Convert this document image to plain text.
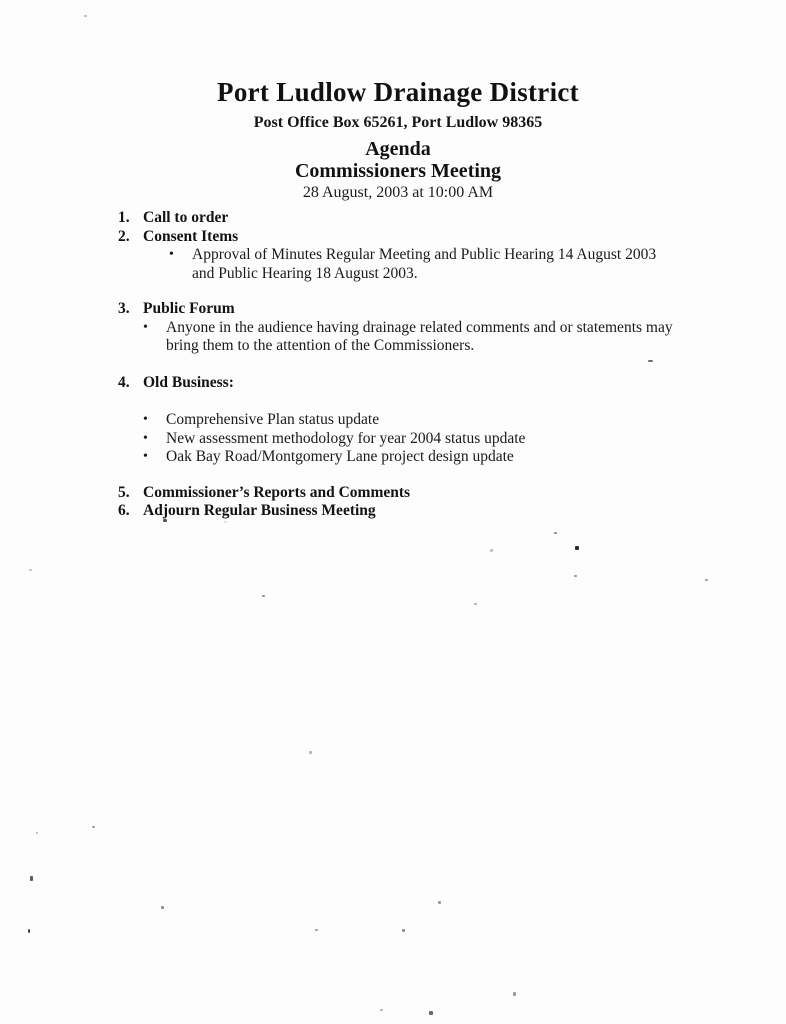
Port Ludlow Drainage District
Post Office Box 65261, Port Ludlow 98365
Agenda
Commissioners Meeting
28 August, 2003 at 10:00 AM
1. Call to order
2. Consent Items
•	Approval of Minutes Regular Meeting and Public Hearing 14 August 2003
and Public Hearing 18 August 2003.
3. Public Forum
•	Anyone in the audience having drainage related comments and or statements may
bring them to the attention of the Commissioners.
4. Old Business:
•	Comprehensive Plan status update
•	New assessment methodology for year 2004 status update
•	Oak Bay Road/Montgomery Lane project design update
5. Commissioner’s Reports and Comments
6. Adjourn Regular Business Meeting
